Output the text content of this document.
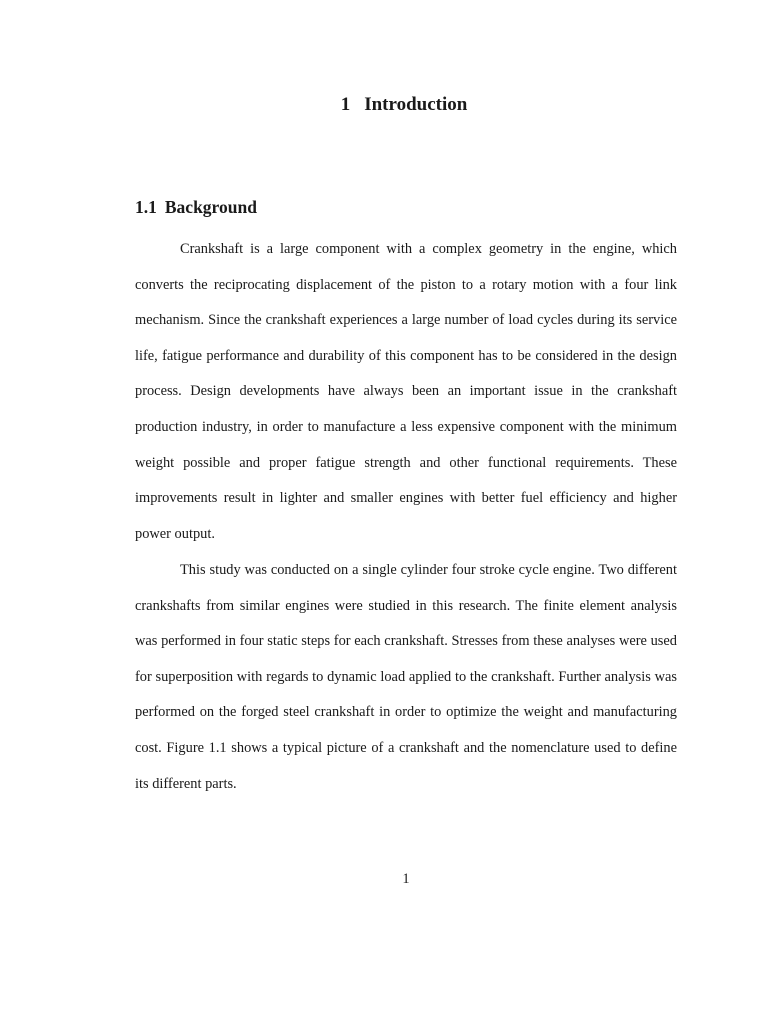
1 Introduction
1.1 Background

Crankshaft is a large component with a complex geometry in the engine, which converts the reciprocating displacement of the piston to a rotary motion with a four link mechanism. Since the crankshaft experiences a large number of load cycles during its service life, fatigue performance and durability of this component has to be considered in the design process. Design developments have always been an important issue in the crankshaft production industry, in order to manufacture a less expensive component with the minimum weight possible and proper fatigue strength and other functional requirements. These improvements result in lighter and smaller engines with better fuel efficiency and higher power output.

This study was conducted on a single cylinder four stroke cycle engine. Two different crankshafts from similar engines were studied in this research. The finite element analysis was performed in four static steps for each crankshaft. Stresses from these analyses were used for superposition with regards to dynamic load applied to the crankshaft. Further analysis was performed on the forged steel crankshaft in order to optimize the weight and manufacturing cost. Figure 1.1 shows a typical picture of a crankshaft and the nomenclature used to define its different parts.

1
